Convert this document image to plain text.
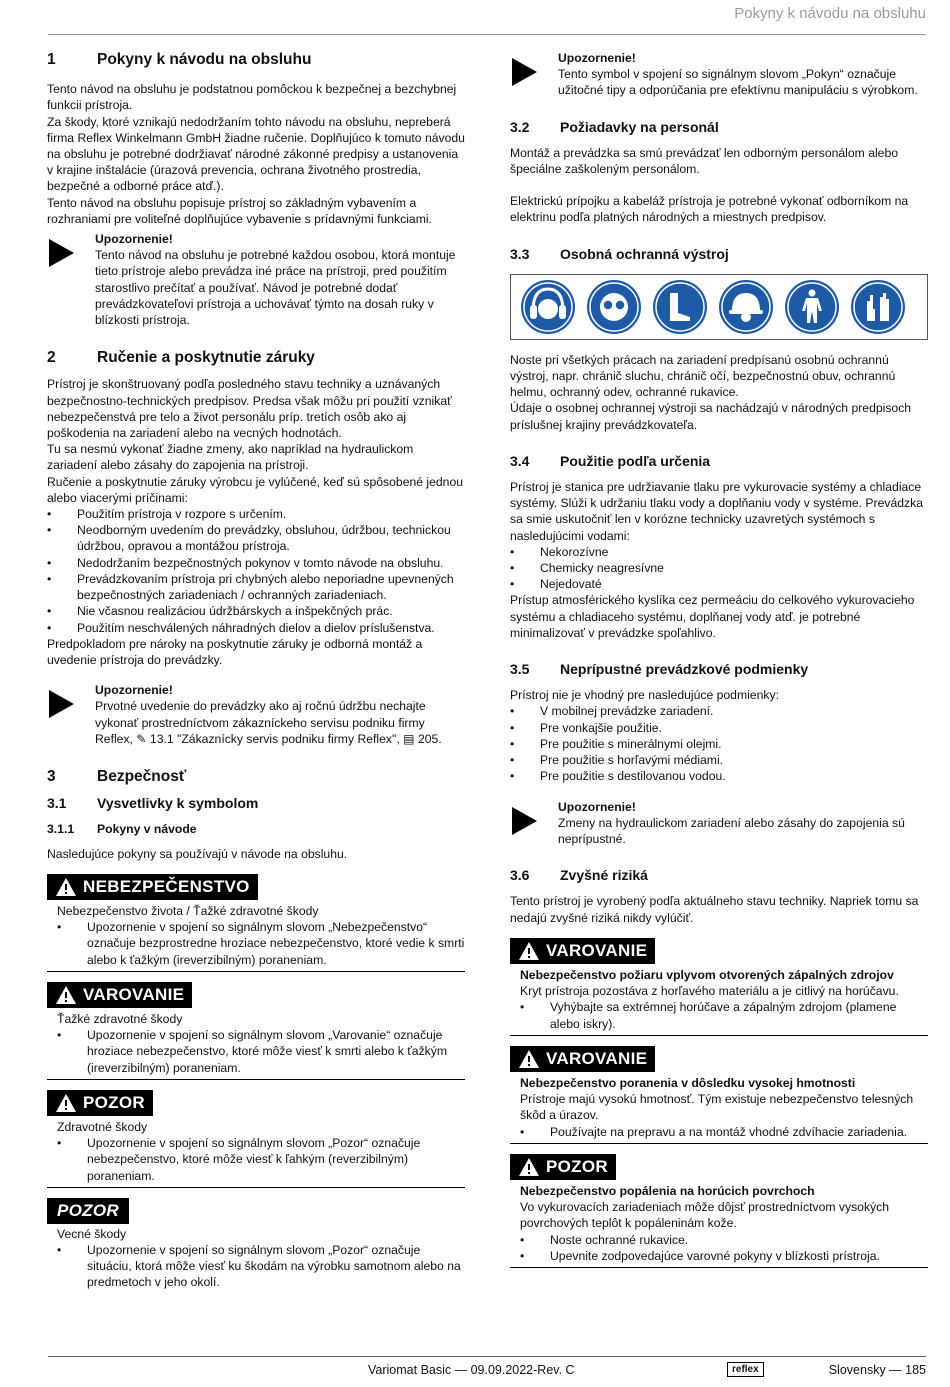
Pokyny k návodu na obsluhu
1	Pokyny k návodu na obsluhu

Tento návod na obsluhu je podstatnou pomôckou k bezpečnej a bezchybnej funkcii prístroja.

Za škody, ktoré vznikajú nedodržaním tohto návodu na obsluhu, nepreberá firma Reflex Winkelmann GmbH žiadne ručenie. Doplňujúco k tomuto návodu na obsluhu je potrebné dodržiavať národné zákonné predpisy a ustanovenia v krajine inštalácie (úrazová prevencia, ochrana životného prostredia, bezpečné a odborné práce atď.).

Tento návod na obsluhu popisuje prístroj so základným vybavením a rozhraniami pre voliteľné doplňujúce vybavenie s prídavnými funkciami.

Upozornenie!
Tento návod na obsluhu je potrebné každou osobou, ktorá montuje tieto prístroje alebo prevádza iné práce na prístroji, pred použitím starostlivo prečítať a používať. Návod je potrebné dodať prevádzkovateľovi prístroja a uchovávať týmto na dosah ruky v blízkosti prístroja.
2	Ručenie a poskytnutie záruky

Prístroj je skonštruovaný podľa posledného stavu techniky a uznávaných bezpečnostno-technických predpisov. Predsa však môžu pri použití vznikať nebezpečenstvá pre telo a život personálu príp. tretích osôb ako aj poškodenia na zariadení alebo na vecných hodnotách.

Tu sa nesmú vykonať žiadne zmeny, ako napríklad na hydraulickom zariadení alebo zásahy do zapojenia na prístroji.

Ručenie a poskytnutie záruky výrobcu je vylúčené, keď sú spôsobené jednou alebo viacerými príčinami:

• Použitím prístroja v rozpore s určením.
• Neodborným uvedením do prevádzky, obsluhou, údržbou, technickou údržbou, opravou a montážou prístroja.
• Nedodržaním bezpečnostných pokynov v tomto návode na obsluhu.
• Prevádzkovaním prístroja pri chybných alebo neporiadne upevnených bezpečnostných zariadeniach / ochranných zariadeniach.
• Nie včasnou realizáciou údržbárskych a inšpekčných prác.
• Použitím neschválených náhradných dielov a dielov príslušenstva.

Predpokladom pre nároky na poskytnutie záruky je odborná montáž a uvedenie prístroja do prevádzky.

Upozornenie!
Prvotné uvedenie do prevádzky ako aj ročnú údržbu nechajte vykonať prostredníctvom zákazníckeho servisu podniku firmy Reflex, ✎ 13.1 "Zákaznícky servis podniku firmy Reflex", ▤ 205.
3	Bezpečnosť
3.1	Vysvetlivky k symbolom
3.1.1	Pokyny v návode

Nasledujúce pokyny sa používajú v návode na obsluhu.

NEBEZPEČENSTVO
Nebezpečenstvo života / Ťažké zdravotné škody
• Upozornenie v spojení so signálnym slovom „Nebezpečenstvo“ označuje bezprostredne hroziace nebezpečenstvo, ktoré vedie k smrti alebo k ťažkým (ireverzibilným) poraneniam.
VAROVANIE
Ťažké zdravotné škody
• Upozornenie v spojení so signálnym slovom „Varovanie“ označuje hroziace nebezpečenstvo, ktoré môže viesť k smrti alebo k ťažkým (ireverzibilným) poraneniam.
POZOR
Zdravotné škody
• Upozornenie v spojení so signálnym slovom „Pozor“ označuje nebezpečenstvo, ktoré môže viesť k ľahkým (reverzibilným) poraneniam.
POZOR
Vecné škody
• Upozornenie v spojení so signálnym slovom „Pozor“ označuje situáciu, ktorá môže viesť ku škodám na výrobku samotnom alebo na predmetoch v jeho okolí.
Upozornenie!
Tento symbol v spojení so signálnym slovom „Pokyn“ označuje užitočné tipy a odporúčania pre efektívnu manipuláciu s výrobkom.
3.2	Požiadavky na personál

Montáž a prevádzka sa smú prevádzať len odborným personálom alebo špeciálne zaškoleným personálom.

Elektrickú prípojku a kabeláž prístroja je potrebné vykonať odborníkom na elektrinu podľa platných národných a miestnych predpisov.

3.3	Osobná ochranná výstroj

Noste pri všetkých prácach na zariadení predpísanú osobnú ochrannú výstroj, napr. chránič sluchu, chránič očí, bezpečnostnú obuv, ochrannú helmu, ochranný odev, ochranné rukavice.

Údaje o osobnej ochrannej výstroji sa nachádzajú v národných predpisoch príslušnej krajiny prevádzkovateľa.

3.4	Použitie podľa určenia

Prístroj je stanica pre udržiavanie tlaku pre vykurovacie systémy a chladiace systémy. Slúži k udržaniu tlaku vody a doplňaniu vody v systéme. Prevádzka sa smie uskutočniť len v korózne technicky uzavretých systémoch s nasledujúcimi vodami:

• Nekorozívne
• Chemicky neagresívne
• Nejedovaté

Prístup atmosférického kyslíka cez permeáciu do celkového vykurovacieho systému a chladiaceho systému, doplňanej vody atď. je potrebné minimalizovať v prevádzke spoľahlivo.

3.5	Neprípustné prevádzkové podmienky

Prístroj nie je vhodný pre nasledujúce podmienky:

• V mobilnej prevádzke zariadení.
• Pre vonkajšie použitie.
• Pre použitie s minerálnymi olejmi.
• Pre použitie s horľavými médiami.
• Pre použitie s destilovanou vodou.
Upozornenie!
Zmeny na hydraulickom zariadení alebo zásahy do zapojenia sú neprípustné.
3.6	Zvyšné riziká

Tento prístroj je vyrobený podľa aktuálneho stavu techniky. Napriek tomu sa nedajú zvyšné riziká nikdy vylúčiť.

VAROVANIE
Nebezpečenstvo požiaru vplyvom otvorených zápalných zdrojov
Kryt prístroja pozostáva z horľavého materiálu a je citlivý na horúčavu.
• Vyhýbajte sa extrémnej horúčave a zápalným zdrojom (plamene alebo iskry).
VAROVANIE
Nebezpečenstvo poranenia v dôsledku vysokej hmotnosti
Prístroje majú vysokú hmotnosť. Tým existuje nebezpečenstvo telesných škôd a úrazov.
• Používajte na prepravu a na montáž vhodné zdvíhacie zariadenia.
POZOR
Nebezpečenstvo popálenia na horúcich povrchoch
Vo vykurovacích zariadeniach môže dôjsť prostredníctvom vysokých povrchových teplôt k popáleninám kože.
• Noste ochranné rukavice.
• Upevnite zodpovedajúce varovné pokyny v blízkosti prístroja.
Variomat Basic — 09.09.2022-Rev. C	reflex	Slovensky — 185
